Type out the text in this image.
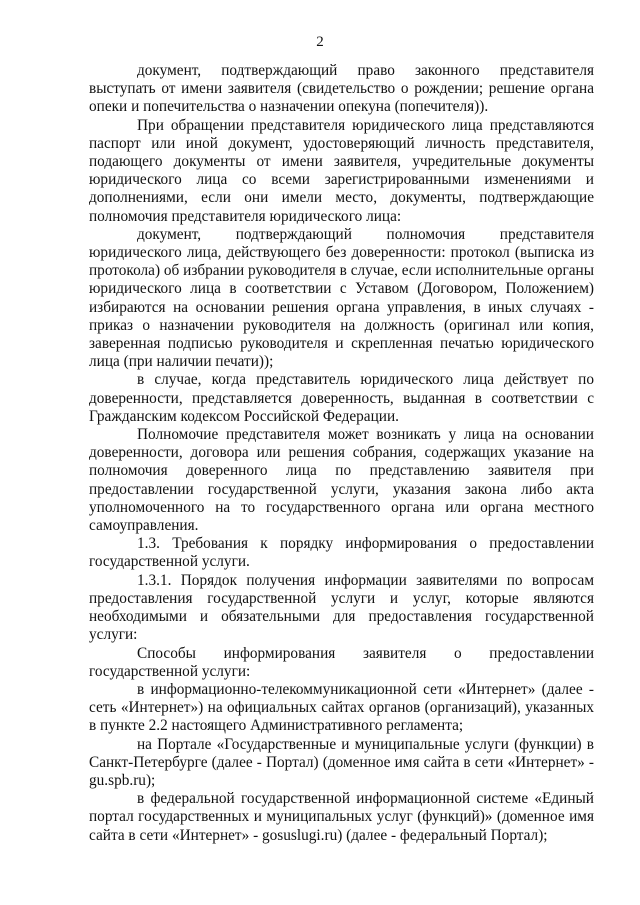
2

документ, подтверждающий право законного представителя выступать от имени заявителя (свидетельство о рождении; решение органа опеки и попечительства о назначении опекуна (попечителя)).

При обращении представителя юридического лица представляются паспорт или иной документ, удостоверяющий личность представителя, подающего документы от имени заявителя, учредительные документы юридического лица со всеми зарегистрированными изменениями и дополнениями, если они имели место, документы, подтверждающие полномочия представителя юридического лица:

документ, подтверждающий полномочия представителя юридического лица, действующего без доверенности: протокол (выписка из протокола) об избрании руководителя в случае, если исполнительные органы юридического лица в соответствии с Уставом (Договором, Положением) избираются на основании решения органа управления, в иных случаях - приказ о назначении руководителя на должность (оригинал или копия, заверенная подписью руководителя и скрепленная печатью юридического лица (при наличии печати));

в случае, когда представитель юридического лица действует по доверенности, представляется доверенность, выданная в соответствии с Гражданским кодексом Российской Федерации.

Полномочие представителя может возникать у лица на основании доверенности, договора или решения собрания, содержащих указание на полномочия доверенного лица по представлению заявителя при предоставлении государственной услуги, указания закона либо акта уполномоченного на то государственного органа или органа местного самоуправления.

1.3. Требования к порядку информирования о предоставлении государственной услуги.

1.3.1. Порядок получения информации заявителями по вопросам предоставления государственной услуги и услуг, которые являются необходимыми и обязательными для предоставления государственной услуги:

Способы информирования заявителя о предоставлении государственной услуги:

в информационно-телекоммуникационной сети «Интернет» (далее - сеть «Интернет») на официальных сайтах органов (организаций), указанных в пункте 2.2 настоящего Административного регламента;

на Портале «Государственные и муниципальные услуги (функции) в Санкт-Петербурге (далее - Портал) (доменное имя сайта в сети «Интернет» - gu.spb.ru);

в федеральной государственной информационной системе «Единый портал государственных и муниципальных услуг (функций)» (доменное имя сайта в сети «Интернет» - gosuslugi.ru) (далее - федеральный Портал);
